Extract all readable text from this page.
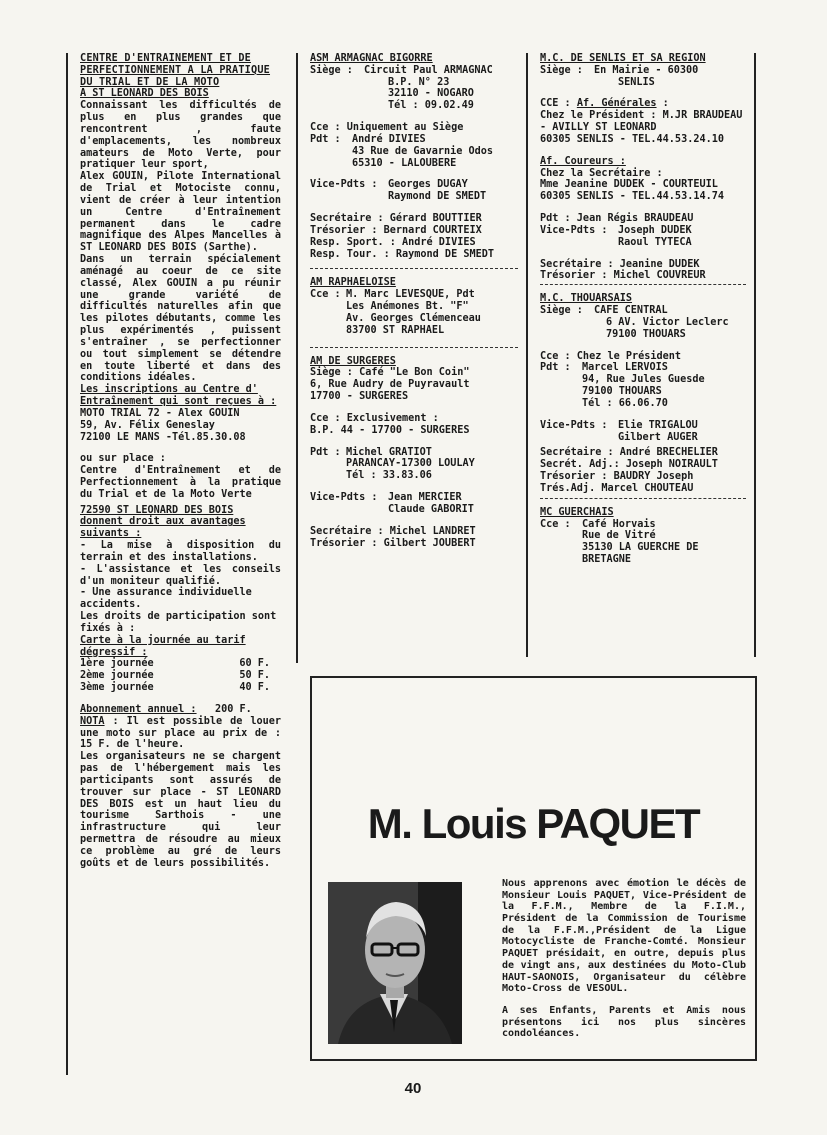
CENTRE D'ENTRAINEMENT ET DE PERFECTIONNEMENT A LA PRATIQUE DU TRIAL ET DE LA MOTO

A ST LEONARD DES BOIS

Connaissant les difficultés de plus en plus grandes que rencontrent , faute d'emplacements, les nombreux amateurs de Moto Verte, pour pratiquer leur sport,

Alex GOUIN, Pilote International de Trial et Motociste connu, vient de créer à leur intention un Centre d'Entraînement permanent dans le cadre magnifique des Alpes Mancelles à ST LEONARD DES BOIS (Sarthe).

Dans un terrain spécialement aménagé au coeur de ce site classé, Alex GOUIN a pu réunir une grande variété de difficultés naturelles afin que les pilotes débutants, comme les plus expérimentés , puissent s'entraîner , se perfectionner ou tout simplement se détendre en toute liberté et dans des conditions idéales.

Les inscriptions au Centre d' Entraînement qui sont reçues à :

MOTO TRIAL 72 - Alex GOUIN

59, Av. Félix Geneslay

72100 LE MANS -Tél.85.30.08

ou sur place :

Centre d'Entraînement et de Perfectionnement à la pratique du Trial et de la Moto Verte

72590 ST LEONARD DES BOIS

donnent droit aux avantages suivants :

- La mise à disposition du terrain et des installations.

- L'assistance et les conseils d'un moniteur qualifié.

- Une assurance individuelle accidents.

Les droits de participation sont fixés à :

Carte à la journée au tarif dégressif :

1ère journée	60 F.
2ème journée	50 F.
3ème journée	40 F.

Abonnement annuel : 200 F.

NOTA : Il est possible de louer une moto sur place au prix de : 15 F. de l'heure.

Les organisateurs ne se chargent pas de l'hébergement mais les participants sont assurés de trouver sur place - ST LEONARD DES BOIS est un haut lieu du tourisme Sarthois - une infrastructure qui leur permettra de résoudre au mieux ce problème au gré de leurs goûts et de leurs possibilités.

ASM ARMAGNAC BIGORRE

Siège :	Circuit Paul ARMAGNAC

B.P. N° 23

32110 - NOGARO

Tél : 09.02.49

Cce : Uniquement au Siège

Pdt :	André DIVIES

43 Rue de Gavarnie Odos

65310 - LALOUBERE

Vice-Pdts :	Georges DUGAY

Raymond DE SMEDT

Secrétaire : Gérard BOUTTIER

Trésorier : Bernard COURTEIX

Resp. Sport. : André DIVIES

Resp. Tour. : Raymond DE SMEDT

AM RAPHAELOISE

Cce : M. Marc LEVESQUE, Pdt

Les Anémones Bt. "F"

Av. Georges Clémenceau

83700 ST RAPHAEL

AM DE SURGERES

Siège : Café "Le Bon Coin"

6, Rue Audry de Puyravault

17700 - SURGERES

Cce : Exclusivement :

B.P. 44 - 17700 - SURGERES

Pdt : Michel GRATIOT

PARANCAY-17300 LOULAY

Tél : 33.83.06

Vice-Pdts :	Jean MERCIER

Claude GABORIT

Secrétaire : Michel LANDRET

Trésorier : Gilbert JOUBERT

M.C. DE SENLIS ET SA REGION

Siège :	En Mairie - 60300

SENLIS

CCE : Af. Générales :

Chez le Président : M.JR BRAUDEAU - AVILLY ST LEONARD

60305 SENLIS - TEL.44.53.24.10

Af. Coureurs :

Chez la Secrétaire :

Mme Jeanine DUDEK - COURTEUIL

60305 SENLIS - TEL.44.53.14.74

Pdt : Jean Régis BRAUDEAU

Vice-Pdts :	Joseph DUDEK

Raoul TYTECA

Secrétaire : Jeanine DUDEK

Trésorier : Michel COUVREUR

M.C. THOUARSAIS

Siège :	CAFE CENTRAL

6 AV. Victor Leclerc

79100 THOUARS

Cce : Chez le Président

Pdt :	Marcel LERVOIS

94, Rue Jules Guesde

79100 THOUARS

Tél : 66.06.70

Vice-Pdts :	Elie TRIGALOU

Gilbert AUGER

Secrétaire : André BRECHELIER

Secrét. Adj.: Joseph NOIRAULT

Trésorier : BAUDRY Joseph

Trés.Adj. Marcel CHOUTEAU

MC GUERCHAIS

Cce :	Café Horvais

Rue de Vitré

35130 LA GUERCHE DE

BRETAGNE

M. Louis PAQUET

Nous apprenons avec émotion le décès de Monsieur Louis PAQUET, Vice-Président de la F.F.M., Membre de la F.I.M., Président de la Commission de Tourisme de la F.F.M.,Président de la Ligue Motocycliste de Franche-Comté. Monsieur PAQUET présidait, en outre, depuis plus de vingt ans, aux destinées du Moto-Club HAUT-SAONOIS, Organisateur du célèbre Moto-Cross de VESOUL.

A ses Enfants, Parents et Amis nous présentons ici nos plus sincères condoléances.

40
